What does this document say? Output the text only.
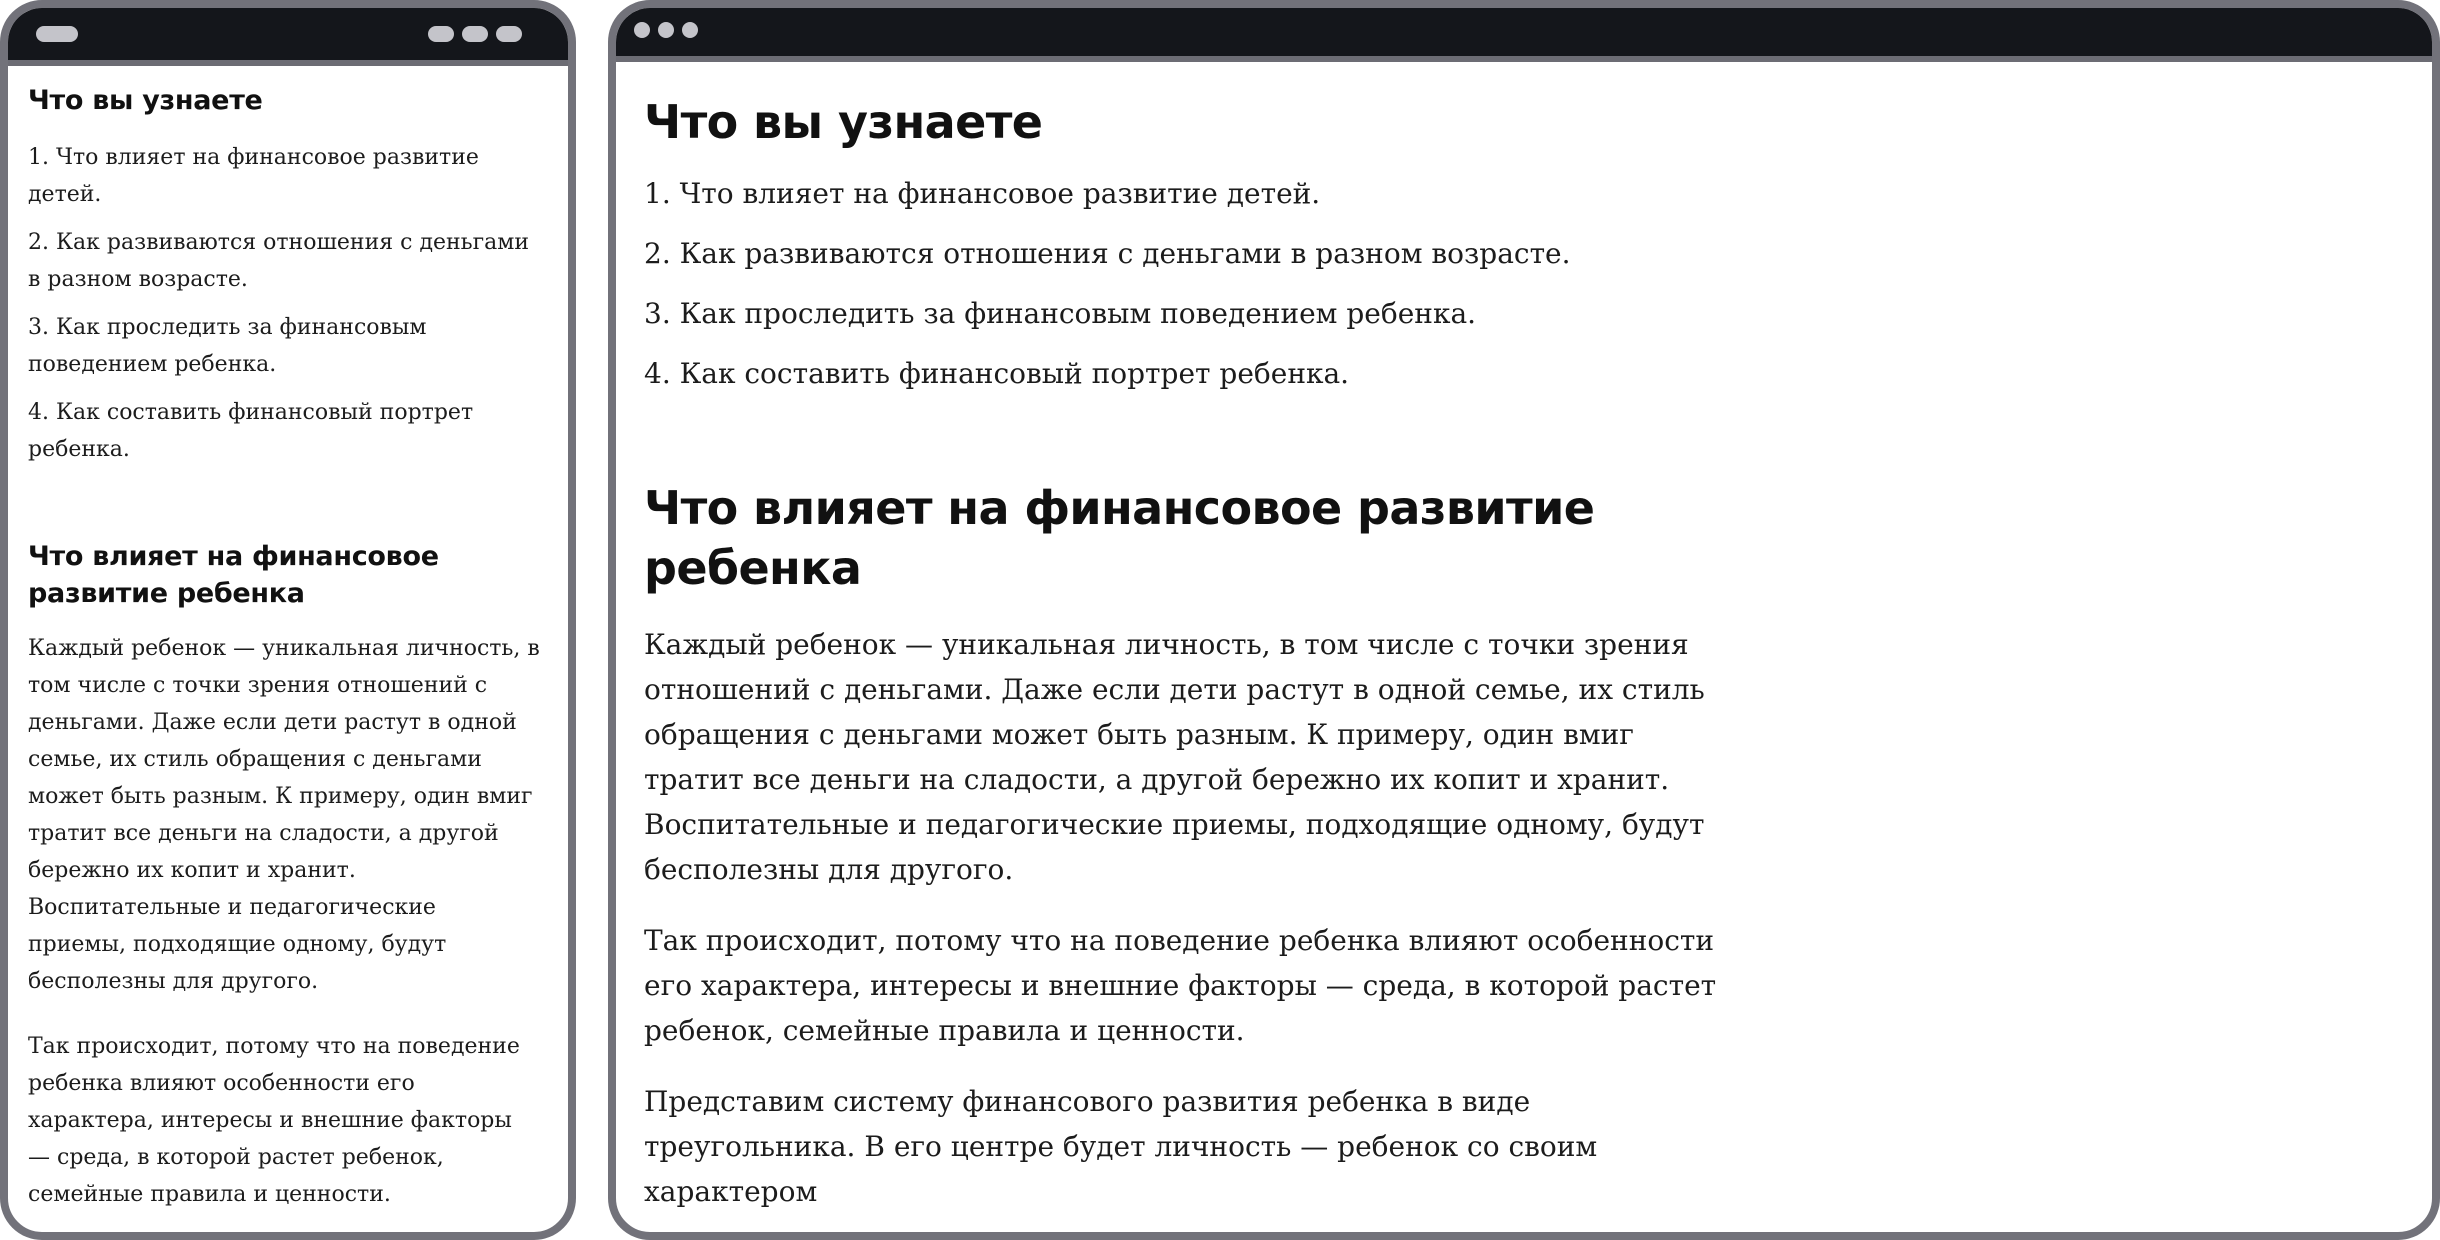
Что вы узнаете
1. Что влияет на финансовое развитие детей.
2. Как развиваются отношения с деньгами в разном возрасте.
3. Как проследить за финансовым поведением ребенка.
4. Как составить финансовый портрет ребенка.
Что влияет на финансовое развитие ребенка

Каждый ребенок — уникальная личность, в том числе с точки зрения отношений с деньгами. Даже если дети растут в одной семье, их стиль обращения с деньгами может быть разным. К примеру, один вмиг тратит все деньги на сладости, а другой бережно их копит и хранит. Воспитательные и педагогические приемы, подходящие одному, будут бесполезны для другого.

Так происходит, потому что на поведение ребенка влияют особенности его характера, интересы и внешние факторы — среда, в которой растет ребенок, семейные правила и ценности.

Что вы узнаете
1. Что влияет на финансовое развитие детей.
2. Как развиваются отношения с деньгами в разном возрасте.
3. Как проследить за финансовым поведением ребенка.
4. Как составить финансовый портрет ребенка.
Что влияет на финансовое развитие ребенка

Каждый ребенок — уникальная личность, в том числе с точки зрения отношений с деньгами. Даже если дети растут в одной семье, их стиль обращения с деньгами может быть разным. К примеру, один вмиг тратит все деньги на сладости, а другой бережно их копит и хранит. Воспитательные и педагогические приемы, подходящие одному, будут бесполезны для другого.

Так происходит, потому что на поведение ребенка влияют особенности его характера, интересы и внешние факторы — среда, в которой растет ребенок, семейные правила и ценности.

Представим систему финансового развития ребенка в виде треугольника. В его центре будет личность — ребенок со своим характером
